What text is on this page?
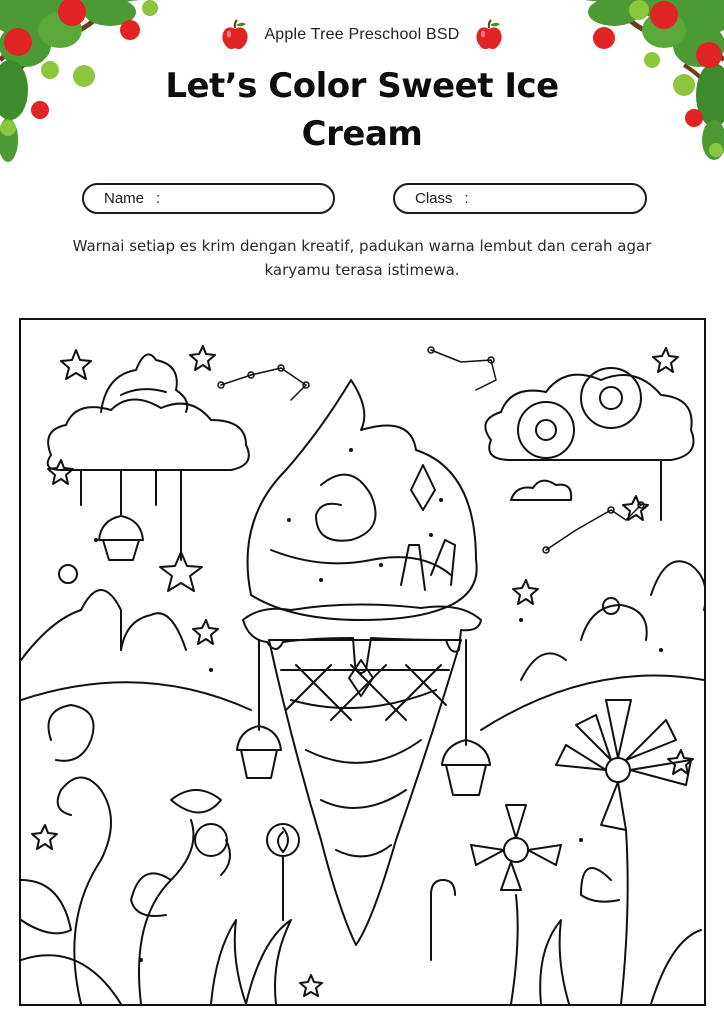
Apple Tree Preschool BSD
Let’s Color Sweet Ice Cream
Name :	Class :

Warnai setiap es krim dengan kreatif, padukan warna lembut dan cerah agar karyamu terasa istimewa.
